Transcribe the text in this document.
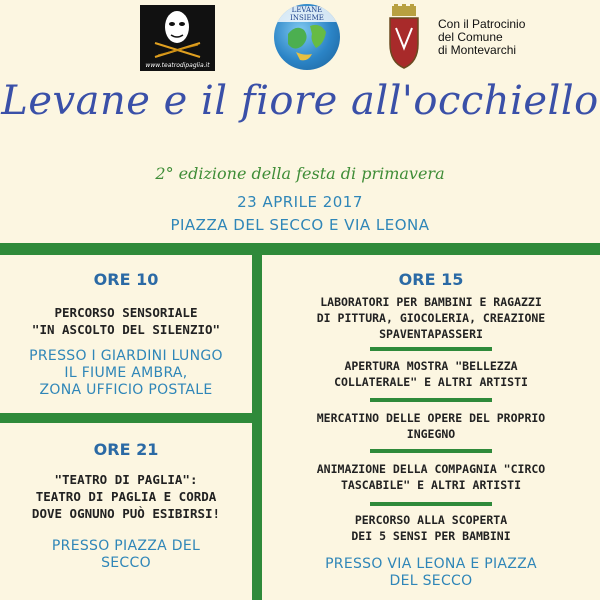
www.teatrodipaglia.it
LEVANE INSIEME	Con il Patrocinio
del Comune
di Montevarchi
Levane e il fiore all'occhiello
2° edizione della festa di primavera
23 APRILE 2017
PIAZZA DEL SECCO E VIA LEONA
ORE 10
PERCORSO SENSORIALE
"IN ASCOLTO DEL SILENZIO"
PRESSO I GIARDINI LUNGO
IL FIUME AMBRA,
ZONA UFFICIO POSTALE
ORE 21
"TEATRO DI PAGLIA":
TEATRO DI PAGLIA E CORDA
DOVE OGNUNO PUÒ ESIBIRSI!
PRESSO PIAZZA DEL
SECCO
ORE 15
LABORATORI PER BAMBINI E RAGAZZI
DI PITTURA, GIOCOLERIA, CREAZIONE
SPAVENTAPASSERI
APERTURA MOSTRA "BELLEZZA
COLLATERALE" E ALTRI ARTISTI
MERCATINO DELLE OPERE DEL PROPRIO
INGEGNO
ANIMAZIONE DELLA COMPAGNIA "CIRCO
TASCABILE" E ALTRI ARTISTI
PERCORSO ALLA SCOPERTA
DEI 5 SENSI PER BAMBINI
PRESSO VIA LEONA E PIAZZA
DEL SECCO
